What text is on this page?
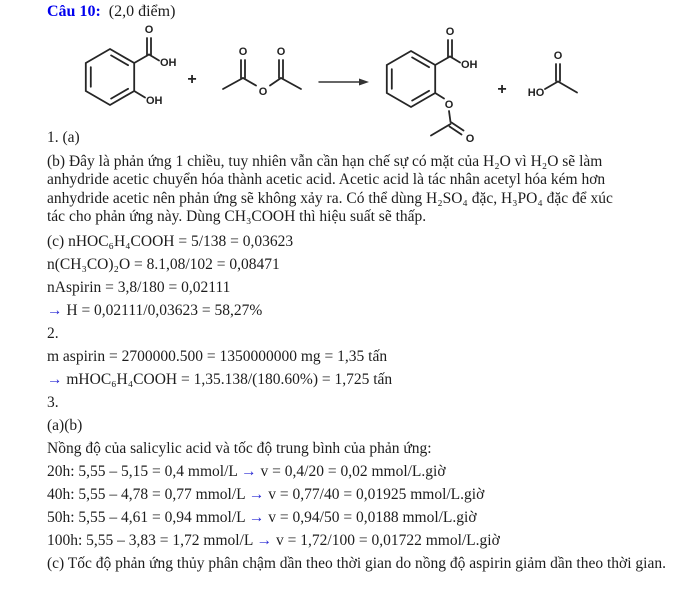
Câu 10: (2,0 điểm)
O
OH
OH
+
O
O
O
O
OH
O
O
+ HO
O

1. (a)

(b) Đây là phản ứng 1 chiều, tuy nhiên vẫn cần hạn chế sự có mặt của H₂O vì H₂O sẽ làm anhydride acetic chuyển hóa thành acetic acid. Acetic acid là tác nhân acetyl hóa kém hơn anhydride acetic nên phản ứng sẽ không xảy ra. Có thể dùng H₂SO₄ đặc, H₃PO₄ đặc để xúc tác cho phản ứng này. Dùng CH₃COOH thì hiệu suất sẽ thấp.

(c) nHOC₆H₄COOH = 5/138 = 0,03623

n(CH₃CO)₂O = 8.1,08/102 = 0,08471

nAspirin = 3,8/180 = 0,02111

→ H = 0,02111/0,03623 = 58,27%

2.

m aspirin = 2700000.500 = 1350000000 mg = 1,35 tấn

→ mHOC₆H₄COOH = 1,35.138/(180.60%) = 1,725 tấn

3.

(a)(b)

Nồng độ của salicylic acid và tốc độ trung bình của phản ứng:

20h: 5,55 – 5,15 = 0,4 mmol/L → v = 0,4/20 = 0,02 mmol/L.giờ

40h: 5,55 – 4,78 = 0,77 mmol/L → v = 0,77/40 = 0,01925 mmol/L.giờ

50h: 5,55 – 4,61 = 0,94 mmol/L → v = 0,94/50 = 0,0188 mmol/L.giờ

100h: 5,55 – 3,83 = 1,72 mmol/L → v = 1,72/100 = 0,01722 mmol/L.giờ

(c) Tốc độ phản ứng thủy phân chậm dần theo thời gian do nồng độ aspirin giảm dần theo thời gian.
